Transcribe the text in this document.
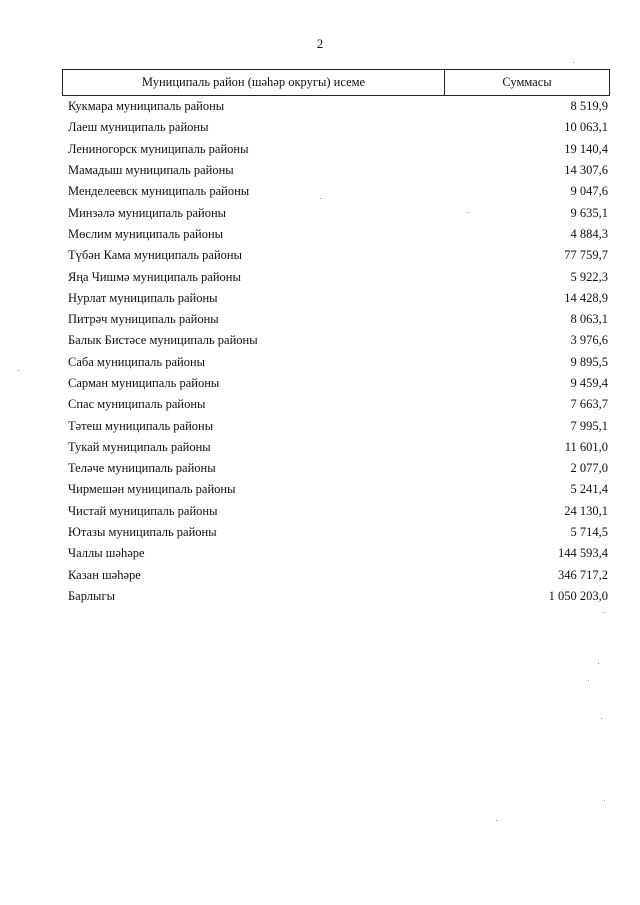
2
Муниципаль район (шәһәр округы) исеме	Суммасы
Кукмара муниципаль районы	8 519,9
Лаеш муниципаль районы	10 063,1
Лениногорск муниципаль районы	19 140,4
Мамадыш муниципаль районы	14 307,6
Менделеевск муниципаль районы	9 047,6
Минзәлә муниципаль районы	9 635,1
Мөслим муниципаль районы	4 884,3
Түбән Кама муниципаль районы	77 759,7
Яңа Чишмә муниципаль районы	5 922,3
Нурлат муниципаль районы	14 428,9
Питрәч муниципаль районы	8 063,1
Балык Бистәсе муниципаль районы	3 976,6
Саба муниципаль районы	9 895,5
Сарман муниципаль районы	9 459,4
Спас муниципаль районы	7 663,7
Тәтеш муниципаль районы	7 995,1
Тукай муниципаль районы	11 601,0
Теләче муниципаль районы	2 077,0
Чирмешән муниципаль районы	5 241,4
Чистай муниципаль районы	24 130,1
Ютазы муниципаль районы	5 714,5
Чаллы шәһәре	144 593,4
Казан шәһәре	346 717,2
Барлыгы	1 050 203,0
